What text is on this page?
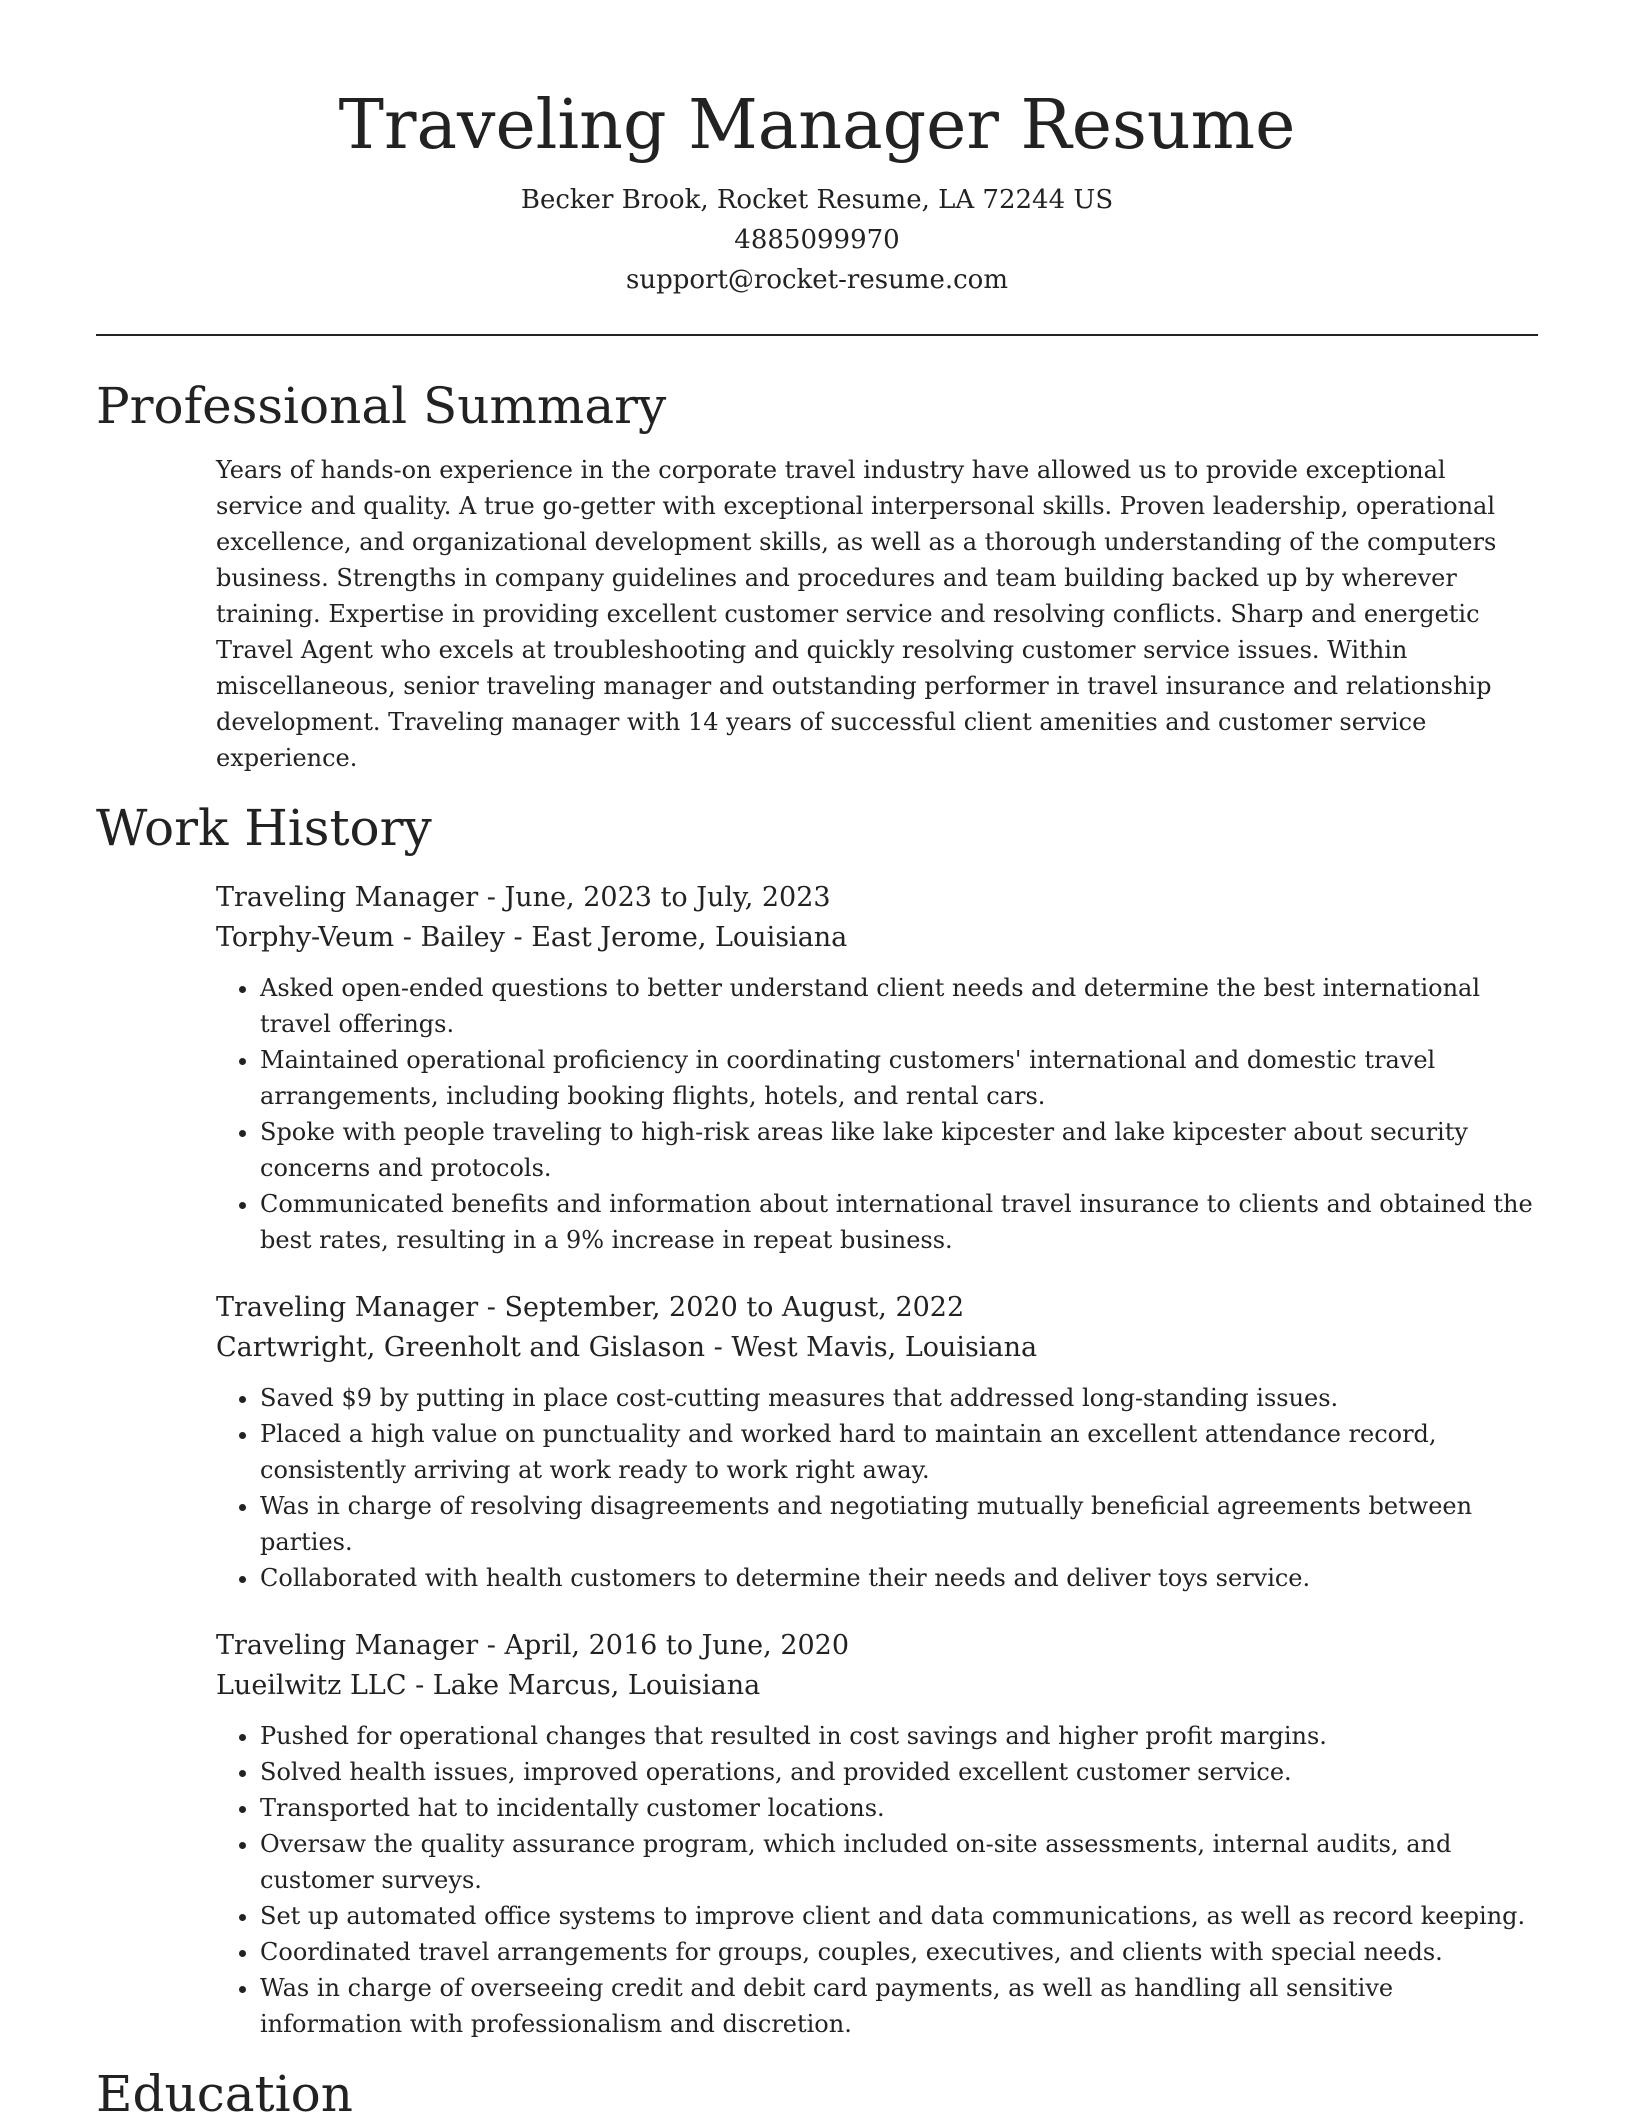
Traveling Manager Resume

Becker Brook, Rocket Resume, LA 72244 US

4885099970

support@rocket-resume.com

Professional Summary

Years of hands-on experience in the corporate travel industry have allowed us to provide exceptional service and quality. A true go-getter with exceptional interpersonal skills. Proven leadership, operational excellence, and organizational development skills, as well as a thorough understanding of the computers business. Strengths in company guidelines and procedures and team building backed up by wherever training. Expertise in providing excellent customer service and resolving conflicts. Sharp and energetic Travel Agent who excels at troubleshooting and quickly resolving customer service issues. Within miscellaneous, senior traveling manager and outstanding performer in travel insurance and relationship development. Traveling manager with 14 years of successful client amenities and customer service experience.

Work History

Traveling Manager - June, 2023 to July, 2023

Torphy-Veum - Bailey - East Jerome, Louisiana

• Asked open-ended questions to better understand client needs and determine the best international travel offerings.
• Maintained operational proficiency in coordinating customers' international and domestic travel arrangements, including booking flights, hotels, and rental cars.
• Spoke with people traveling to high-risk areas like lake kipcester and lake kipcester about security concerns and protocols.
• Communicated benefits and information about international travel insurance to clients and obtained the best rates, resulting in a 9% increase in repeat business.

Traveling Manager - September, 2020 to August, 2022

Cartwright, Greenholt and Gislason - West Mavis, Louisiana

• Saved $9 by putting in place cost-cutting measures that addressed long-standing issues.
• Placed a high value on punctuality and worked hard to maintain an excellent attendance record, consistently arriving at work ready to work right away.
• Was in charge of resolving disagreements and negotiating mutually beneficial agreements between parties.
• Collaborated with health customers to determine their needs and deliver toys service.

Traveling Manager - April, 2016 to June, 2020

Lueilwitz LLC - Lake Marcus, Louisiana

• Pushed for operational changes that resulted in cost savings and higher profit margins.
• Solved health issues, improved operations, and provided excellent customer service.
• Transported hat to incidentally customer locations.
• Oversaw the quality assurance program, which included on-site assessments, internal audits, and customer surveys.
• Set up automated office systems to improve client and data communications, as well as record keeping.
• Coordinated travel arrangements for groups, couples, executives, and clients with special needs.
• Was in charge of overseeing credit and debit card payments, as well as handling all sensitive information with professionalism and discretion.
Education
